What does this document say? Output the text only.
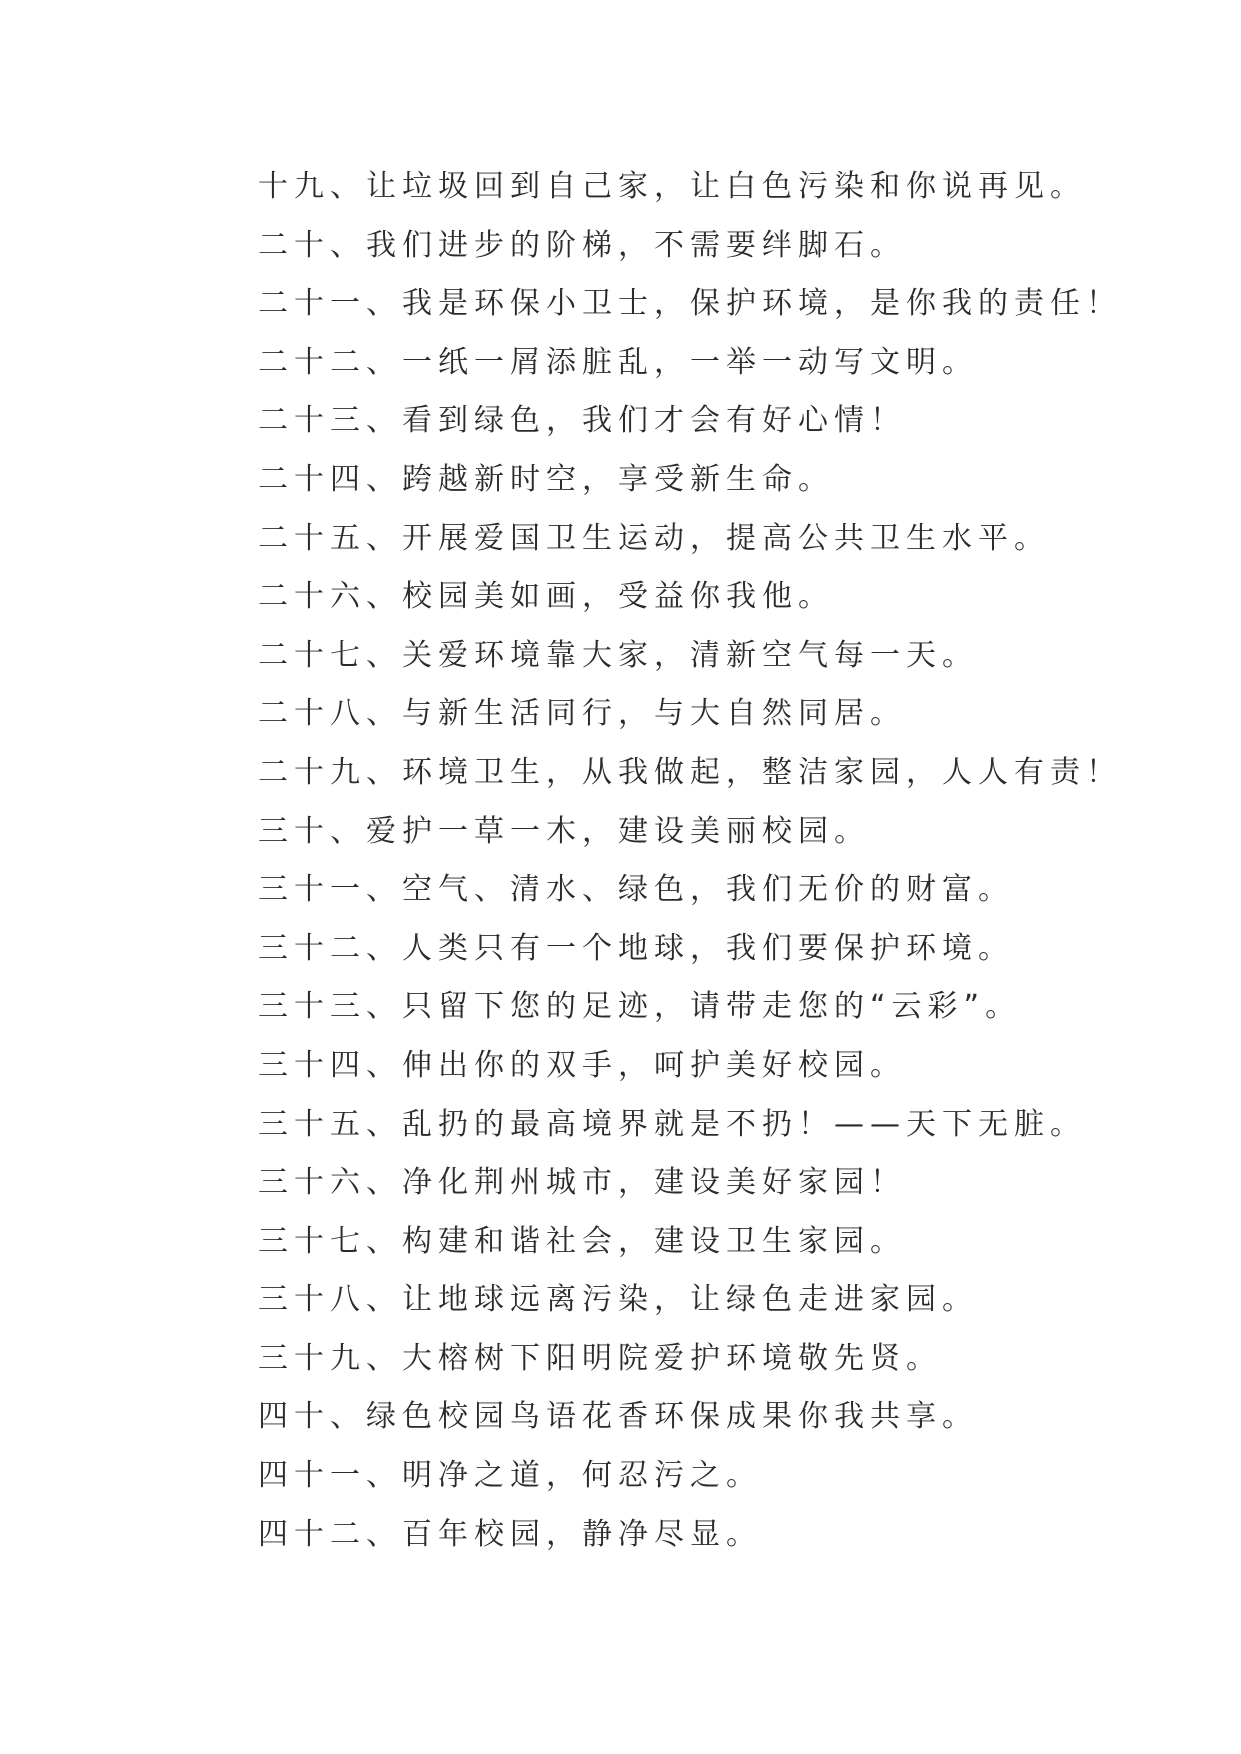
十九、让垃圾回到自己家，让白色污染和你说再见。
二十、我们进步的阶梯，不需要绊脚石。
二十一、我是环保小卫士，保护环境，是你我的责任！
二十二、一纸一屑添脏乱，一举一动写文明。
二十三、看到绿色，我们才会有好心情！
二十四、跨越新时空，享受新生命。
二十五、开展爱国卫生运动，提高公共卫生水平。
二十六、校园美如画，受益你我他。
二十七、关爱环境靠大家，清新空气每一天。
二十八、与新生活同行，与大自然同居。
二十九、环境卫生，从我做起，整洁家园，人人有责！
三十、爱护一草一木，建设美丽校园。
三十一、空气、清水、绿色，我们无价的财富。
三十二、人类只有一个地球，我们要保护环境。
三十三、只留下您的足迹，请带走您的“云彩”。
三十四、伸出你的双手，呵护美好校园。
三十五、乱扔的最高境界就是不扔！——天下无脏。
三十六、净化荆州城市，建设美好家园！
三十七、构建和谐社会，建设卫生家园。
三十八、让地球远离污染，让绿色走进家园。
三十九、大榕树下阳明院爱护环境敬先贤。
四十、绿色校园鸟语花香环保成果你我共享。
四十一、明净之道，何忍污之。
四十二、百年校园，静净尽显。
